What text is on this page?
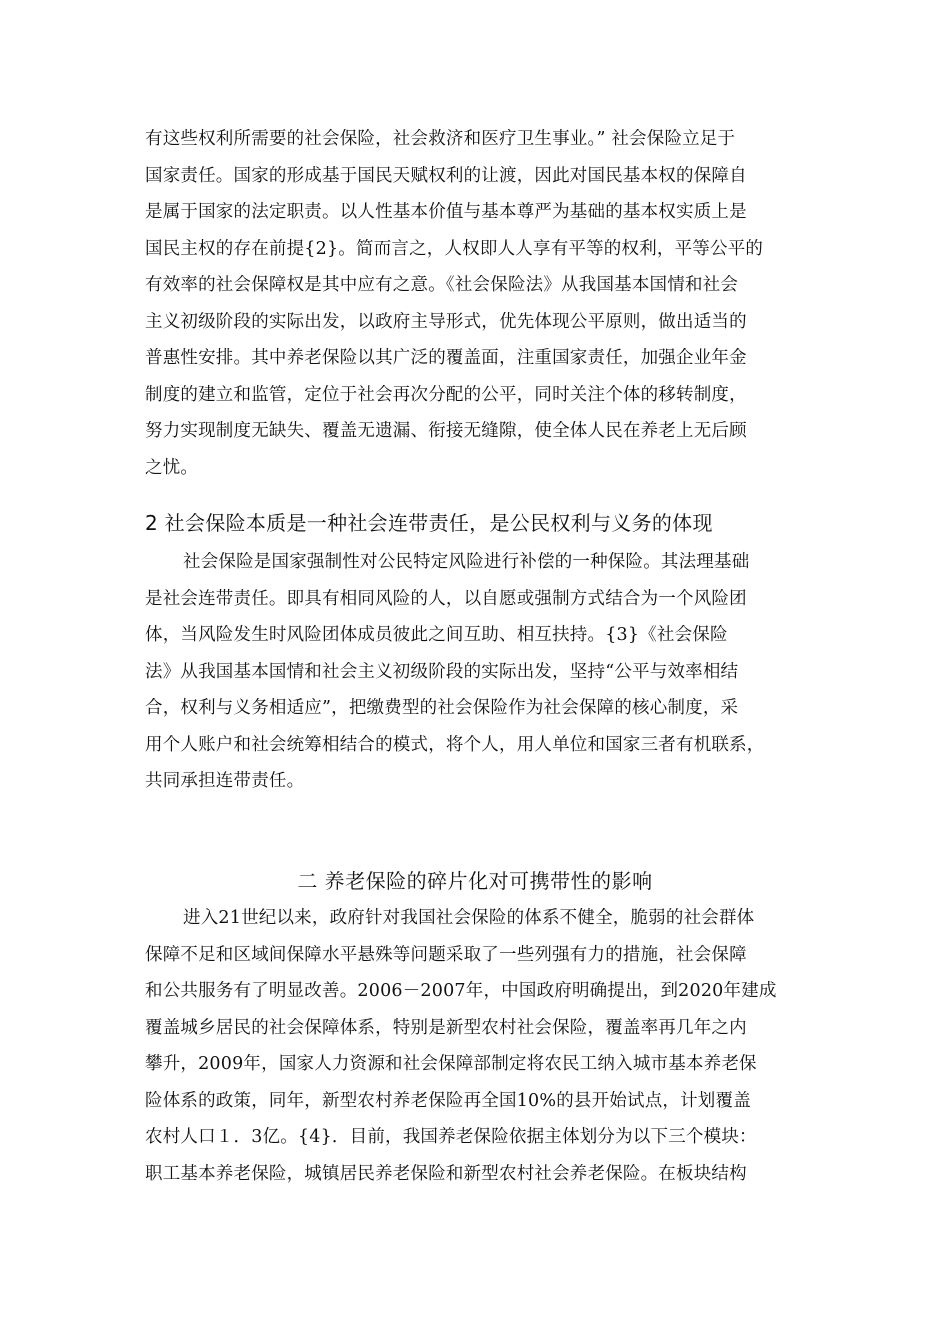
有这些权利所需要的社会保险，社会救济和医疗卫生事业。” 社会保险立足于
国家责任。国家的形成基于国民天赋权利的让渡，因此对国民基本权的保障自
是属于国家的法定职责。以人性基本价值与基本尊严为基础的基本权实质上是
国民主权的存在前提{2}。简而言之，人权即人人享有平等的权利，平等公平的
有效率的社会保障权是其中应有之意。《社会保险法》从我国基本国情和社会
主义初级阶段的实际出发，以政府主导形式，优先体现公平原则，做出适当的
普惠性安排。其中养老保险以其广泛的覆盖面，注重国家责任，加强企业年金
制度的建立和监管，定位于社会再次分配的公平，同时关注个体的移转制度，
努力实现制度无缺失、覆盖无遗漏、衔接无缝隙，使全体人民在养老上无后顾
之忧。
2 社会保险本质是一种社会连带责任，是公民权利与义务的体现
社会保险是国家强制性对公民特定风险进行补偿的一种保险。其法理基础
是社会连带责任。即具有相同风险的人，以自愿或强制方式结合为一个风险团
体，当风险发生时风险团体成员彼此之间互助、相互扶持。{3}《社会保险
法》从我国基本国情和社会主义初级阶段的实际出发，坚持“公平与效率相结
合，权利与义务相适应”，把缴费型的社会保险作为社会保障的核心制度，采
用个人账户和社会统筹相结合的模式，将个人，用人单位和国家三者有机联系，
共同承担连带责任。
二 养老保险的碎片化对可携带性的影响
进入21世纪以来，政府针对我国社会保险的体系不健全，脆弱的社会群体
保障不足和区域间保障水平悬殊等问题采取了一些列强有力的措施，社会保障
和公共服务有了明显改善。2006－2007年，中国政府明确提出，到2020年建成
覆盖城乡居民的社会保障体系，特别是新型农村社会保险，覆盖率再几年之内
攀升，2009年，国家人力资源和社会保障部制定将农民工纳入城市基本养老保
险体系的政策，同年，新型农村养老保险再全国10%的县开始试点，计划覆盖
农村人口１．3亿。{4}．目前，我国养老保险依据主体划分为以下三个模块：
职工基本养老保险，城镇居民养老保险和新型农村社会养老保险。在板块结构
